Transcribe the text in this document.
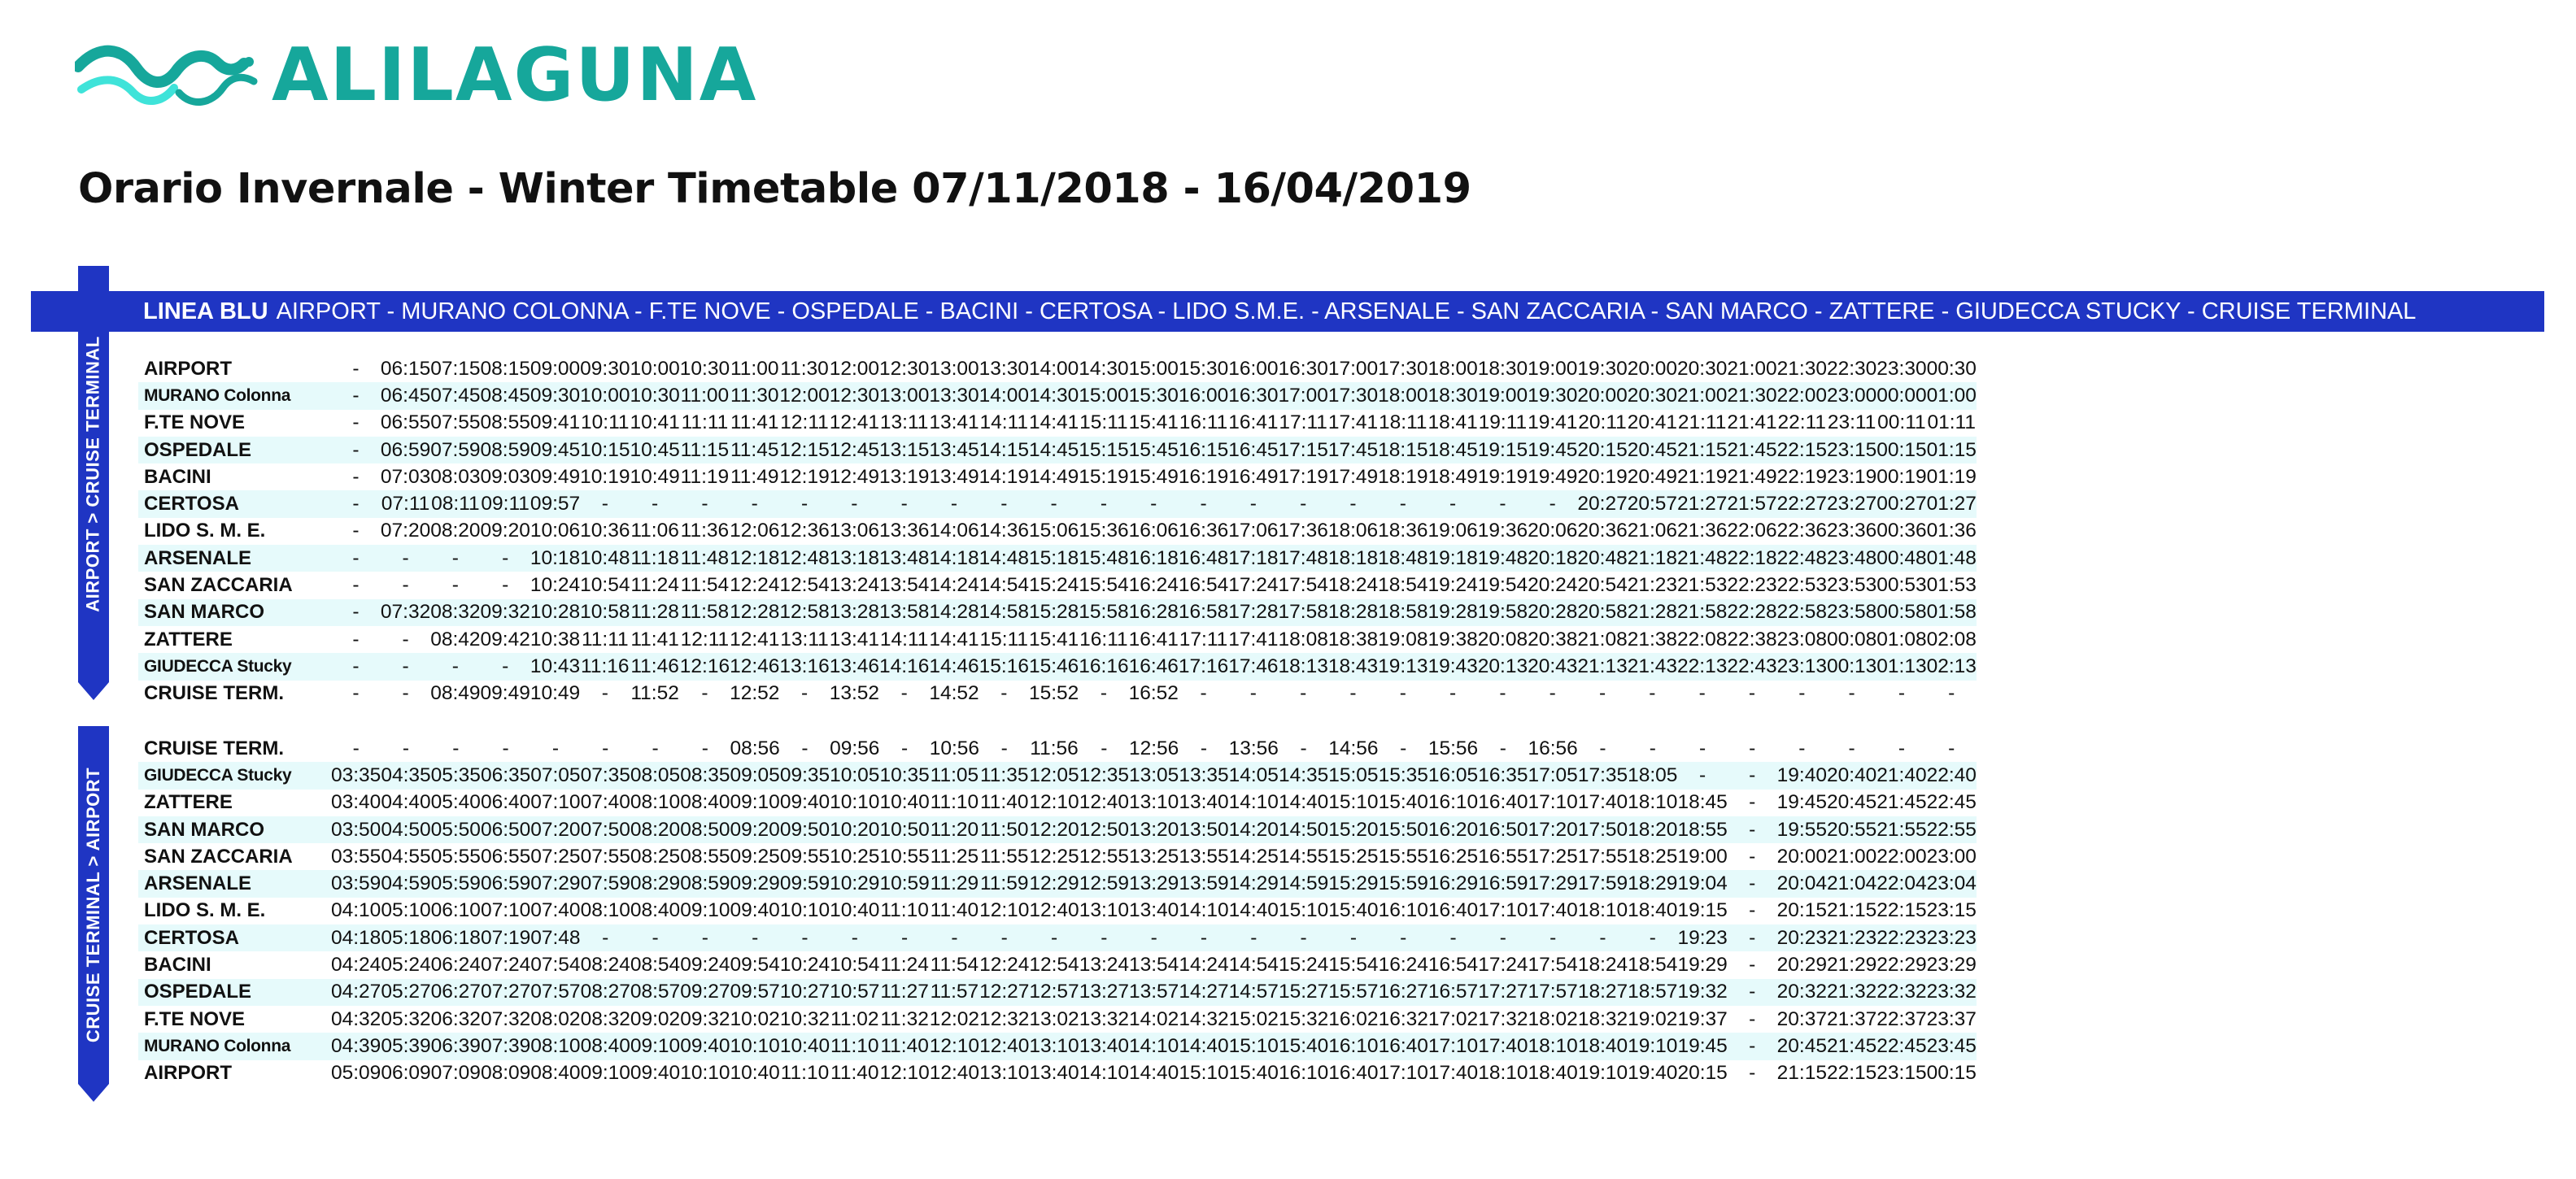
ALILAGUNA
Orario Invernale - Winter Timetable 07/11/2018 - 16/04/2019
LINEA BLU AIRPORT - MURANO COLONNA - F.TE NOVE - OSPEDALE - BACINI - CERTOSA - LIDO S.M.E. - ARSENALE - SAN ZACCARIA - SAN MARCO - ZATTERE - GIUDECCA STUCKY - CRUISE TERMINAL
AIRPORT > CRUISE TERMINAL
CRUISE TERMINAL > AIRPORT
AIRPORT	-	06:15	07:15	08:15	09:00	09:30	10:00	10:30	11:00	11:30	12:00	12:30	13:00	13:30	14:00	14:30	15:00	15:30	16:00	16:30	17:00	17:30	18:00	18:30	19:00	19:30	20:00	20:30	21:00	21:30	22:30	23:30	00:30
MURANO Colonna	-	06:45	07:45	08:45	09:30	10:00	10:30	11:00	11:30	12:00	12:30	13:00	13:30	14:00	14:30	15:00	15:30	16:00	16:30	17:00	17:30	18:00	18:30	19:00	19:30	20:00	20:30	21:00	21:30	22:00	23:00	00:00	01:00
F.TE NOVE	-	06:55	07:55	08:55	09:41	10:11	10:41	11:11	11:41	12:11	12:41	13:11	13:41	14:11	14:41	15:11	15:41	16:11	16:41	17:11	17:41	18:11	18:41	19:11	19:41	20:11	20:41	21:11	21:41	22:11	23:11	00:11	01:11
OSPEDALE	-	06:59	07:59	08:59	09:45	10:15	10:45	11:15	11:45	12:15	12:45	13:15	13:45	14:15	14:45	15:15	15:45	16:15	16:45	17:15	17:45	18:15	18:45	19:15	19:45	20:15	20:45	21:15	21:45	22:15	23:15	00:15	01:15
BACINI	-	07:03	08:03	09:03	09:49	10:19	10:49	11:19	11:49	12:19	12:49	13:19	13:49	14:19	14:49	15:19	15:49	16:19	16:49	17:19	17:49	18:19	18:49	19:19	19:49	20:19	20:49	21:19	21:49	22:19	23:19	00:19	01:19
CERTOSA	-	07:11	08:11	09:11	09:57	-	-	-	-	-	-	-	-	-	-	-	-	-	-	-	-	-	-	-	-	20:27	20:57	21:27	21:57	22:27	23:27	00:27	01:27
LIDO S. M. E.	-	07:20	08:20	09:20	10:06	10:36	11:06	11:36	12:06	12:36	13:06	13:36	14:06	14:36	15:06	15:36	16:06	16:36	17:06	17:36	18:06	18:36	19:06	19:36	20:06	20:36	21:06	21:36	22:06	22:36	23:36	00:36	01:36
ARSENALE	-	-	-	-	10:18	10:48	11:18	11:48	12:18	12:48	13:18	13:48	14:18	14:48	15:18	15:48	16:18	16:48	17:18	17:48	18:18	18:48	19:18	19:48	20:18	20:48	21:18	21:48	22:18	22:48	23:48	00:48	01:48
SAN ZACCARIA	-	-	-	-	10:24	10:54	11:24	11:54	12:24	12:54	13:24	13:54	14:24	14:54	15:24	15:54	16:24	16:54	17:24	17:54	18:24	18:54	19:24	19:54	20:24	20:54	21:23	21:53	22:23	22:53	23:53	00:53	01:53
SAN MARCO	-	07:32	08:32	09:32	10:28	10:58	11:28	11:58	12:28	12:58	13:28	13:58	14:28	14:58	15:28	15:58	16:28	16:58	17:28	17:58	18:28	18:58	19:28	19:58	20:28	20:58	21:28	21:58	22:28	22:58	23:58	00:58	01:58
ZATTERE	-	-	08:42	09:42	10:38	11:11	11:41	12:11	12:41	13:11	13:41	14:11	14:41	15:11	15:41	16:11	16:41	17:11	17:41	18:08	18:38	19:08	19:38	20:08	20:38	21:08	21:38	22:08	22:38	23:08	00:08	01:08	02:08
GIUDECCA Stucky	-	-	-	-	10:43	11:16	11:46	12:16	12:46	13:16	13:46	14:16	14:46	15:16	15:46	16:16	16:46	17:16	17:46	18:13	18:43	19:13	19:43	20:13	20:43	21:13	21:43	22:13	22:43	23:13	00:13	01:13	02:13
CRUISE TERM.	-	-	08:49	09:49	10:49	-	11:52	-	12:52	-	13:52	-	14:52	-	15:52	-	16:52	-	-	-	-	-	-	-	-	-	-	-	-	-	-	-	-
CRUISE TERM.	-	-	-	-	-	-	-	-	08:56	-	09:56	-	10:56	-	11:56	-	12:56	-	13:56	-	14:56	-	15:56	-	16:56	-	-	-	-	-	-	-	-
GIUDECCA Stucky	03:35	04:35	05:35	06:35	07:05	07:35	08:05	08:35	09:05	09:35	10:05	10:35	11:05	11:35	12:05	12:35	13:05	13:35	14:05	14:35	15:05	15:35	16:05	16:35	17:05	17:35	18:05	-	-	19:40	20:40	21:40	22:40
ZATTERE	03:40	04:40	05:40	06:40	07:10	07:40	08:10	08:40	09:10	09:40	10:10	10:40	11:10	11:40	12:10	12:40	13:10	13:40	14:10	14:40	15:10	15:40	16:10	16:40	17:10	17:40	18:10	18:45	-	19:45	20:45	21:45	22:45
SAN MARCO	03:50	04:50	05:50	06:50	07:20	07:50	08:20	08:50	09:20	09:50	10:20	10:50	11:20	11:50	12:20	12:50	13:20	13:50	14:20	14:50	15:20	15:50	16:20	16:50	17:20	17:50	18:20	18:55	-	19:55	20:55	21:55	22:55
SAN ZACCARIA	03:55	04:55	05:55	06:55	07:25	07:55	08:25	08:55	09:25	09:55	10:25	10:55	11:25	11:55	12:25	12:55	13:25	13:55	14:25	14:55	15:25	15:55	16:25	16:55	17:25	17:55	18:25	19:00	-	20:00	21:00	22:00	23:00
ARSENALE	03:59	04:59	05:59	06:59	07:29	07:59	08:29	08:59	09:29	09:59	10:29	10:59	11:29	11:59	12:29	12:59	13:29	13:59	14:29	14:59	15:29	15:59	16:29	16:59	17:29	17:59	18:29	19:04	-	20:04	21:04	22:04	23:04
LIDO S. M. E.	04:10	05:10	06:10	07:10	07:40	08:10	08:40	09:10	09:40	10:10	10:40	11:10	11:40	12:10	12:40	13:10	13:40	14:10	14:40	15:10	15:40	16:10	16:40	17:10	17:40	18:10	18:40	19:15	-	20:15	21:15	22:15	23:15
CERTOSA	04:18	05:18	06:18	07:19	07:48	-	-	-	-	-	-	-	-	-	-	-	-	-	-	-	-	-	-	-	-	-	-	19:23	-	20:23	21:23	22:23	23:23
BACINI	04:24	05:24	06:24	07:24	07:54	08:24	08:54	09:24	09:54	10:24	10:54	11:24	11:54	12:24	12:54	13:24	13:54	14:24	14:54	15:24	15:54	16:24	16:54	17:24	17:54	18:24	18:54	19:29	-	20:29	21:29	22:29	23:29
OSPEDALE	04:27	05:27	06:27	07:27	07:57	08:27	08:57	09:27	09:57	10:27	10:57	11:27	11:57	12:27	12:57	13:27	13:57	14:27	14:57	15:27	15:57	16:27	16:57	17:27	17:57	18:27	18:57	19:32	-	20:32	21:32	22:32	23:32
F.TE NOVE	04:32	05:32	06:32	07:32	08:02	08:32	09:02	09:32	10:02	10:32	11:02	11:32	12:02	12:32	13:02	13:32	14:02	14:32	15:02	15:32	16:02	16:32	17:02	17:32	18:02	18:32	19:02	19:37	-	20:37	21:37	22:37	23:37
MURANO Colonna	04:39	05:39	06:39	07:39	08:10	08:40	09:10	09:40	10:10	10:40	11:10	11:40	12:10	12:40	13:10	13:40	14:10	14:40	15:10	15:40	16:10	16:40	17:10	17:40	18:10	18:40	19:10	19:45	-	20:45	21:45	22:45	23:45
AIRPORT	05:09	06:09	07:09	08:09	08:40	09:10	09:40	10:10	10:40	11:10	11:40	12:10	12:40	13:10	13:40	14:10	14:40	15:10	15:40	16:10	16:40	17:10	17:40	18:10	18:40	19:10	19:40	20:15	-	21:15	22:15	23:15	00:15
